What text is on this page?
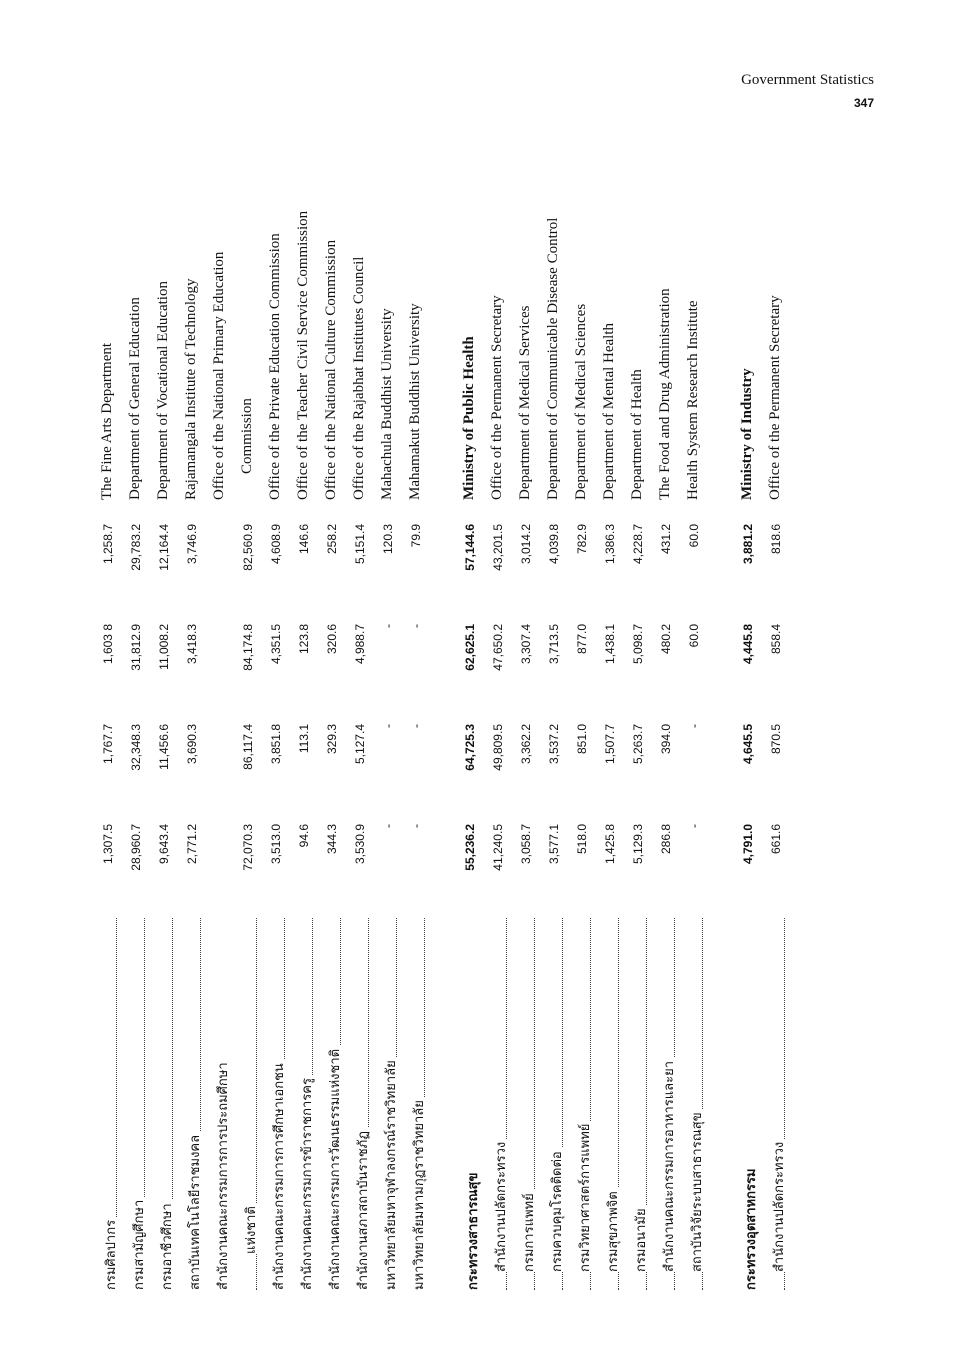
Government Statistics
347
กรมศิลปากร
1,307.5
1,767.7
1,603 8
1,258.7
The Fine Arts Department
กรมสามัญศึกษา
28,960.7
32,348.3
31,812.9
29,783.2
Department of General Education
กรมอาชีวศึกษา
9,643.4
11,456.6
11,008.2
12,164.4
Department of Vocational Education
สถาบันเทคโนโลยีราชมงคล
2,771.2
3,690.3
3,418.3
3,746.9
Rajamangala Institute of Technology
สำนักงานคณะกรรมการการประถมศึกษา
Office of the National Primary Education
แห่งชาติ
72,070.3
86,117.4
84,174.8
82,560.9
Commission
สำนักงานคณะกรรมการการศึกษาเอกชน
3,513.0
3,851.8
4,351.5
4,608.9
Office of the Private Education Commission
สำนักงานคณะกรรมการข้าราชการครู
94.6
113.1
123.8
146.6
Office of the Teacher Civil Service Commission
สำนักงานคณะกรรมการวัฒนธรรมแห่งชาติ
344.3
329.3
320.6
258.2
Office of the National Culture Commission
สำนักงานสภาสถาบันราชภัฏ
3,530.9
5,127.4
4,988.7
5,151.4
Office of the Rajabhat Institutes Council
มหาวิทยาลัยมหาจุฬาลงกรณ์ราชวิทยาลัย
-
-
-
120.3
Mahachula Buddhist University
มหาวิทยาลัยมหามกุฏราชวิทยาลัย
-
-
-
79.9
Mahamakut Buddhist University
กระทรวงสาธารณสุข
55,236.2
64,725.3
62,625.1
57,144.6
Ministry of Public Health
สำนักงานปลัดกระทรวง
41,240.5
49,809.5
47,650.2
43,201.5
Office of the Permanent Secretary
กรมการแพทย์
3,058.7
3,362.2
3,307.4
3,014.2
Department of Medical Services
กรมควบคุมโรคติดต่อ
3,577.1
3,537.2
3,713.5
4,039.8
Department of Communicable Disease Control
กรมวิทยาศาสตร์การแพทย์
518.0
851.0
877.0
782.9
Department of Medical Sciences
กรมสุขภาพจิต
1,425.8
1,507.7
1,438.1
1,386.3
Department of Mental Health
กรมอนามัย
5,129.3
5,263.7
5,098.7
4,228.7
Department of Health
สำนักงานคณะกรรมการอาหารและยา
286.8
394.0
480.2
431.2
The Food and Drug Administration
สถาบันวิจัยระบบสาธารณสุข
-
-
60.0
60.0
Health System Research Institute
กระทรวงอุตสาหกรรม
4,791.0
4,645.5
4,445.8
3,881.2
Ministry of Industry
สำนักงานปลัดกระทรวง
661.6
870.5
858.4
818.6
Office of the Permanent Secretary
